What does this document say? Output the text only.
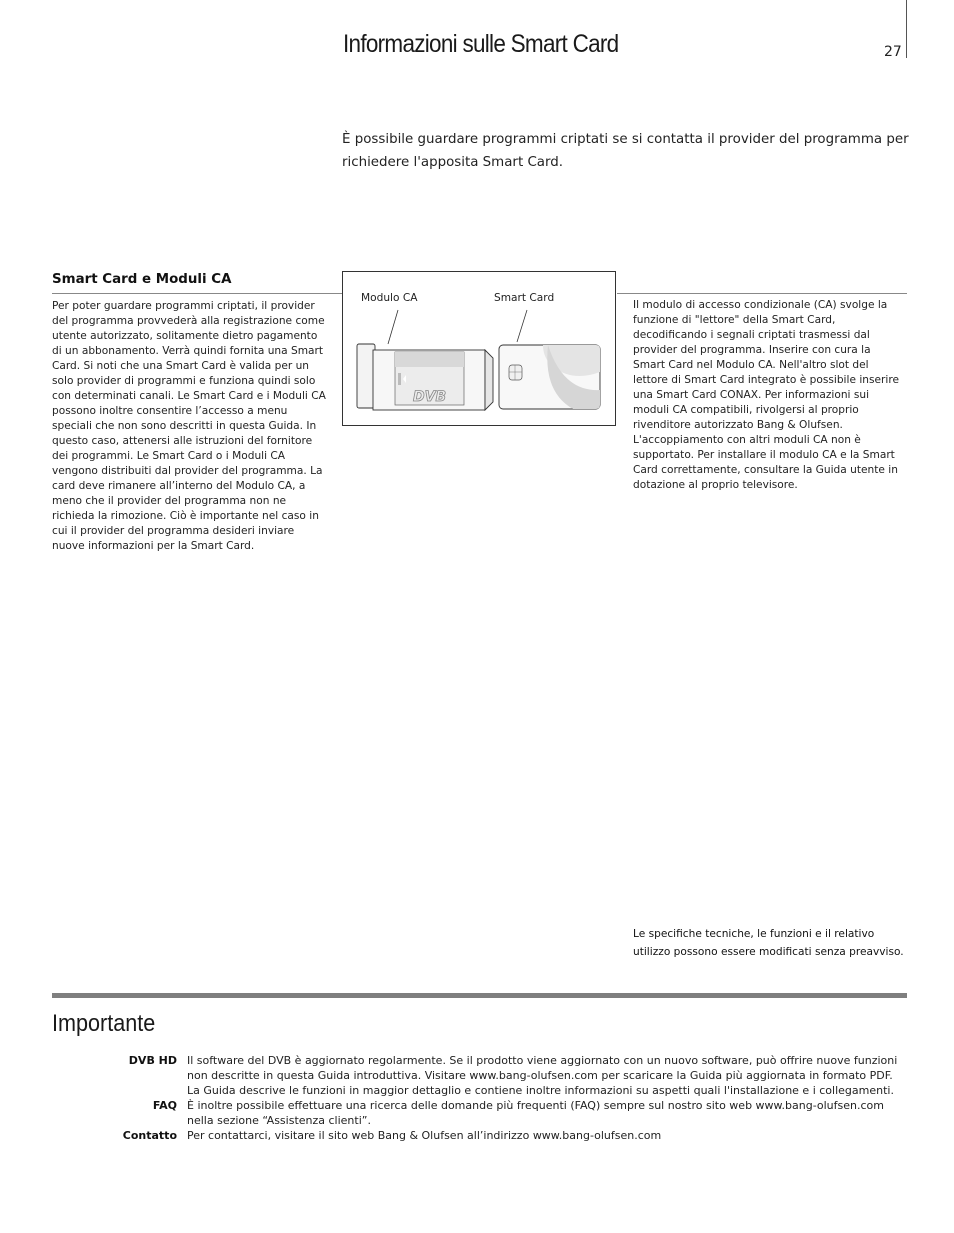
Informazioni sulle Smart Card	27

È possibile guardare programmi criptati se si contatta il provider del programma per richiedere l'apposita Smart Card.

Smart Card e Moduli CA

Per poter guardare programmi criptati, il provider del programma provvederà alla registrazione come utente autorizzato, solitamente dietro pagamento di un abbonamento. Verrà quindi fornita una Smart Card. Si noti che una Smart Card è valida per un solo provider di programmi e funziona quindi solo con determinati canali. Le Smart Card e i Moduli CA possono inoltre consentire l’accesso a menu speciali che non sono descritti in questa Guida. In questo caso, attenersi alle istruzioni del fornitore dei programmi. Le Smart Card o i Moduli CA vengono distribuiti dal provider del programma. La card deve rimanere all’interno del Modulo CA, a meno che il provider del programma non ne richieda la rimozione. Ciò è importante nel caso in cui il provider del programma desideri inviare nuove informazioni per la Smart Card.

DVB
Modulo CA	Smart Card

Il modulo di accesso condizionale (CA) svolge la funzione di "lettore" della Smart Card, decodificando i segnali criptati trasmessi dal provider del programma. Inserire con cura la Smart Card nel Modulo CA. Nell'altro slot del lettore di Smart Card integrato è possibile inserire una Smart Card CONAX. Per informazioni sui moduli CA compatibili, rivolgersi al proprio rivenditore autorizzato Bang & Olufsen. L'accoppiamento con altri moduli CA non è supportato. Per installare il modulo CA e la Smart Card correttamente, consultare la Guida utente in dotazione al proprio televisore.

Le specifiche tecniche, le funzioni e il relativo utilizzo possono essere modificati senza preavviso.

Importante
DVB HD Il software del DVB è aggiornato regolarmente. Se il prodotto viene aggiornato con un nuovo software, può offrire nuove funzioni non descritte in questa Guida introduttiva. Visitare www.bang-olufsen.com per scaricare la Guida più aggiornata in formato PDF. La Guida descrive le funzioni in maggior dettaglio e contiene inoltre informazioni su aspetti quali l'installazione e i collegamenti.

FAQ È inoltre possibile effettuare una ricerca delle domande più frequenti (FAQ) sempre sul nostro sito web www.bang-olufsen.com nella sezione “Assistenza clienti”.

Contatto Per contattarci, visitare il sito web Bang & Olufsen all’indirizzo www.bang-olufsen.com
